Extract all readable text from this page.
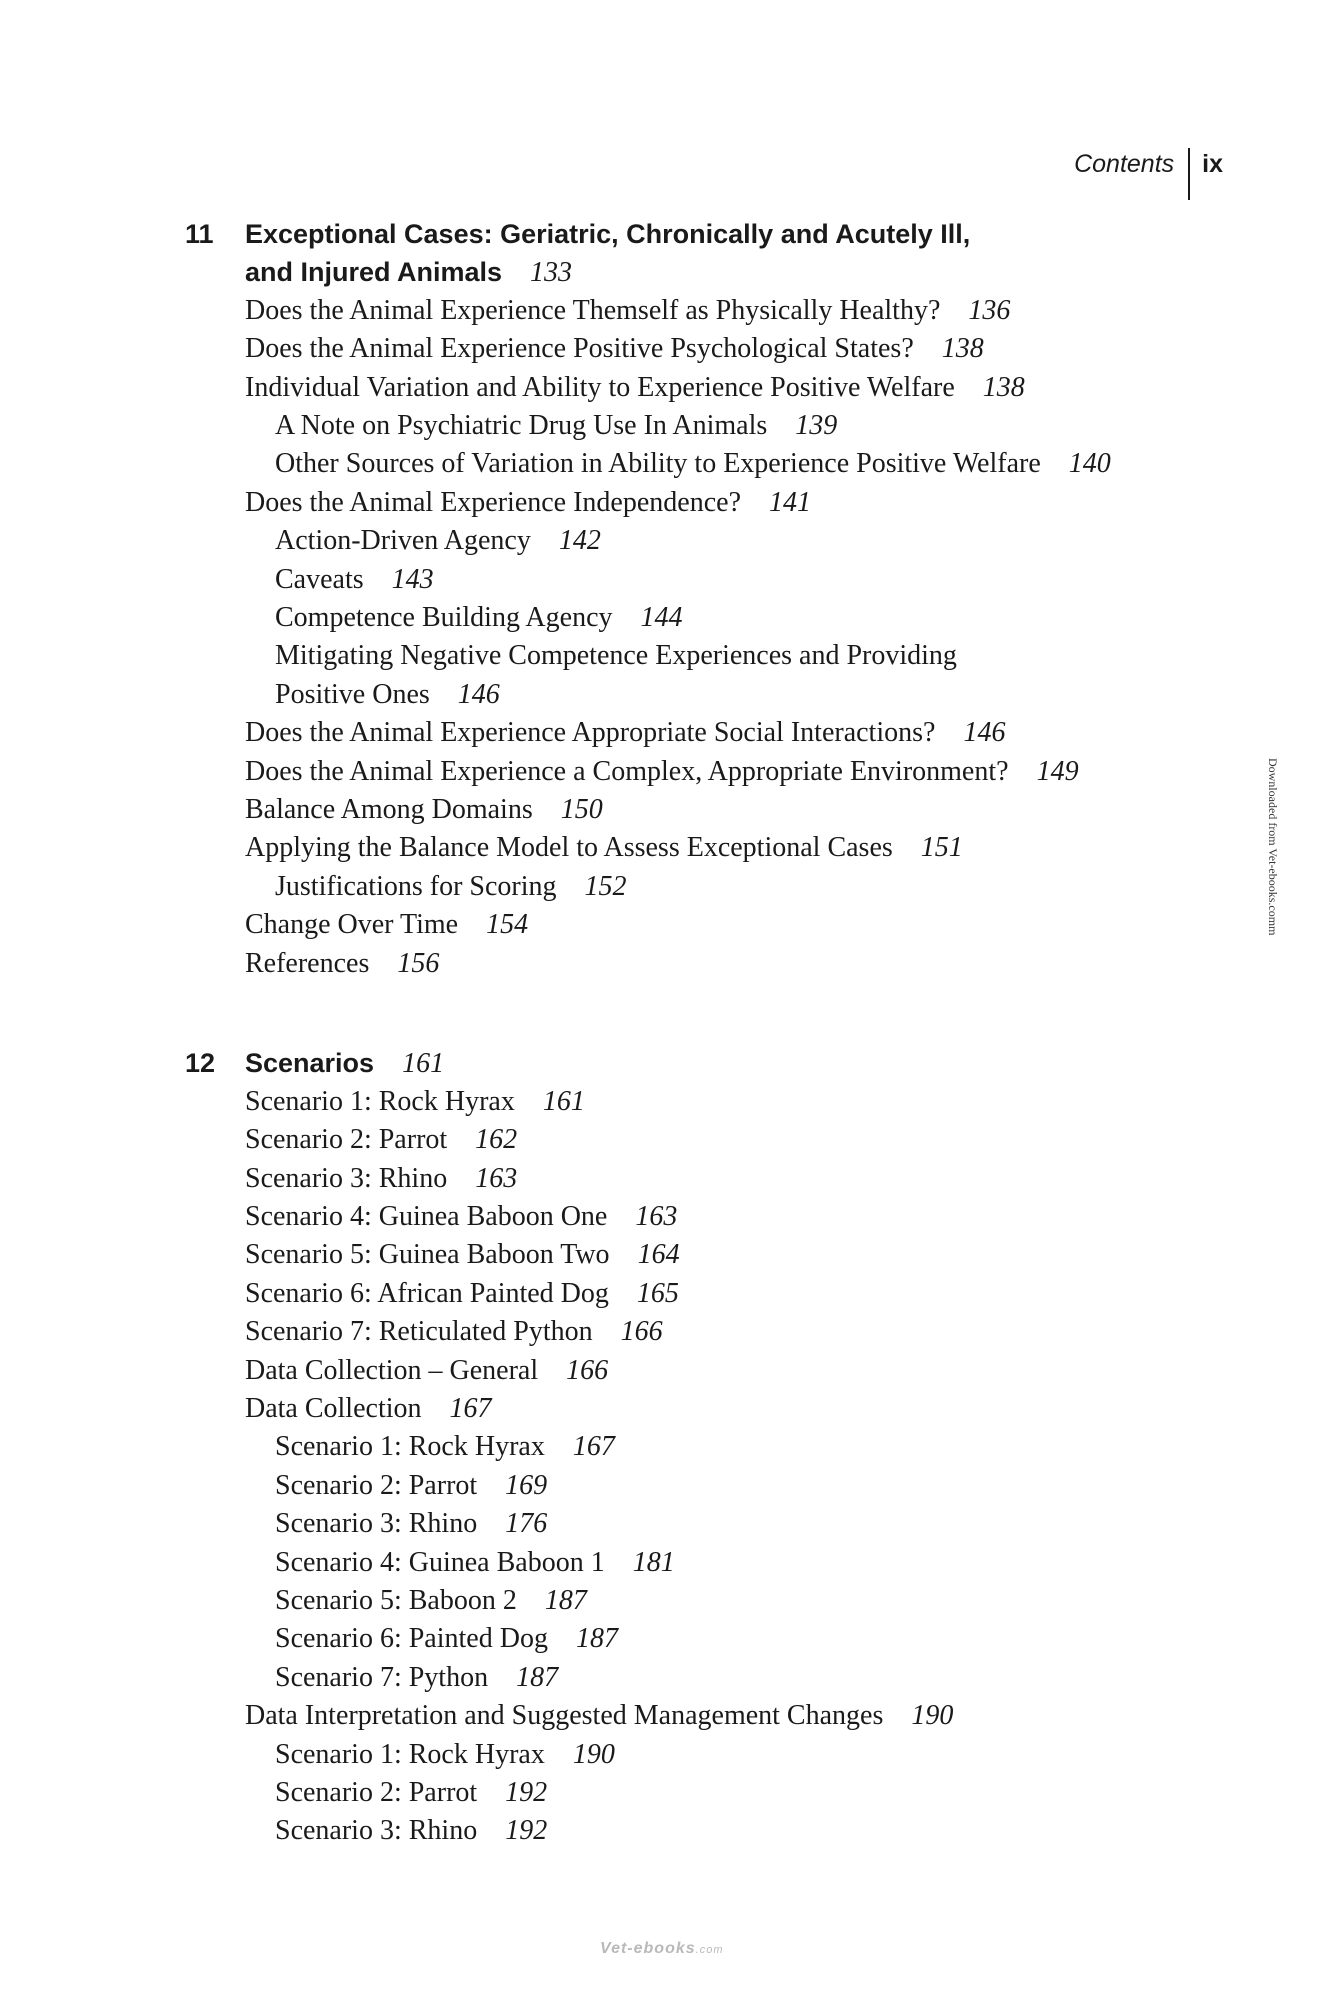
Contents	ix
11 Exceptional Cases: Geriatric, Chronically and Acutely Ill,
and Injured Animals 133
Does the Animal Experience Themself as Physically Healthy? 136
Does the Animal Experience Positive Psychological States? 138
Individual Variation and Ability to Experience Positive Welfare 138
A Note on Psychiatric Drug Use In Animals 139
Other Sources of Variation in Ability to Experience Positive Welfare 140
Does the Animal Experience Independence? 141
Action-Driven Agency 142
Caveats 143
Competence Building Agency 144
Mitigating Negative Competence Experiences and Providing
Positive Ones 146
Does the Animal Experience Appropriate Social Interactions? 146
Does the Animal Experience a Complex, Appropriate Environment? 149
Balance Among Domains 150
Applying the Balance Model to Assess Exceptional Cases 151
Justifications for Scoring 152
Change Over Time 154
References 156
12 Scenarios 161
Scenario 1: Rock Hyrax 161
Scenario 2: Parrot 162
Scenario 3: Rhino 163
Scenario 4: Guinea Baboon One 163
Scenario 5: Guinea Baboon Two 164
Scenario 6: African Painted Dog 165
Scenario 7: Reticulated Python 166
Data Collection – General 166
Data Collection 167
Scenario 1: Rock Hyrax 167
Scenario 2: Parrot 169
Scenario 3: Rhino 176
Scenario 4: Guinea Baboon 1 181
Scenario 5: Baboon 2 187
Scenario 6: Painted Dog 187
Scenario 7: Python 187
Data Interpretation and Suggested Management Changes 190
Scenario 1: Rock Hyrax 190
Scenario 2: Parrot 192
Scenario 3: Rhino 192
Downloaded from Vet-ebooks.comm
Vet-ebooks.com
